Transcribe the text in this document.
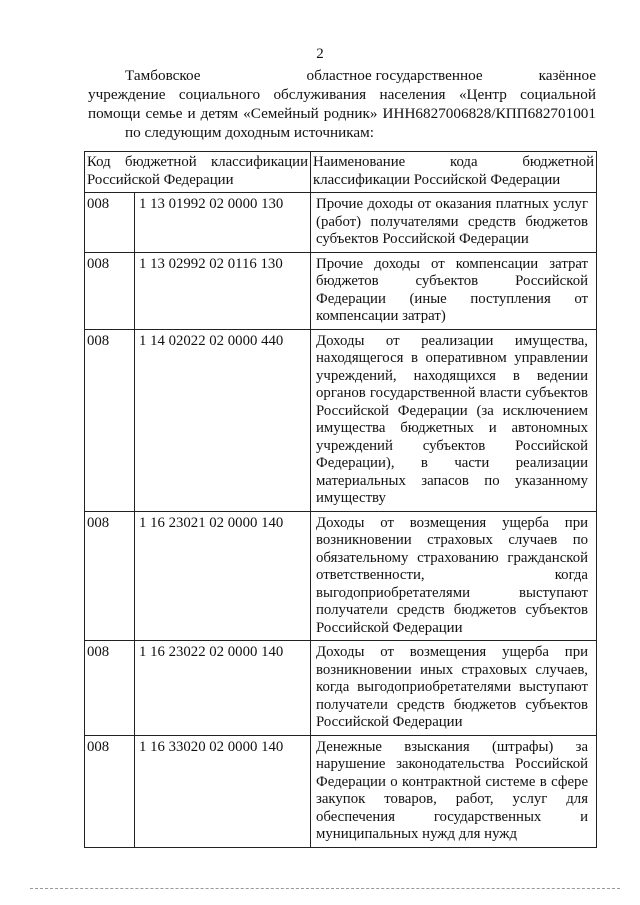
2
Тамбовское	областное государственное	казённое
учреждение социального обслуживания населения «Центр социальной
помощи семье и детям «Семейный родник» ИНН6827006828/КПП682701001
по следующим доходным источникам:
Код бюджетной классификации Российской Федерации		Наименование кода бюджетной классификации Российской Федерации
008	1 13 01992 02 0000 130	Прочие доходы от оказания платных услуг (работ) получателями средств бюджетов субъектов Российской Федерации
008	1 13 02992 02 0116 130	Прочие доходы от компенсации затрат бюджетов субъектов Российской Федерации (иные поступления от компенсации затрат)
008	1 14 02022 02 0000 440	Доходы от реализации имущества, находящегося в оперативном управлении учреждений, находящихся в ведении органов государственной власти субъектов Российской Федерации (за исключением имущества бюджетных и автономных учреждений субъектов Российской Федерации), в части реализации материальных запасов по указанному имуществу
008	1 16 23021 02 0000 140	Доходы от возмещения ущерба при возникновении страховых случаев по обязательному страхованию гражданской ответственности, когда выгодоприобретателями выступают получатели средств бюджетов субъектов Российской Федерации
008	1 16 23022 02 0000 140	Доходы от возмещения ущерба при возникновении иных страховых случаев, когда выгодоприобретателями выступают получатели средств бюджетов субъектов Российской Федерации
008	1 16 33020 02 0000 140	Денежные взыскания (штрафы) за нарушение законодательства Российской Федерации о контрактной системе в сфере закупок товаров, работ, услуг для обеспечения государственных и муниципальных нужд для нужд
